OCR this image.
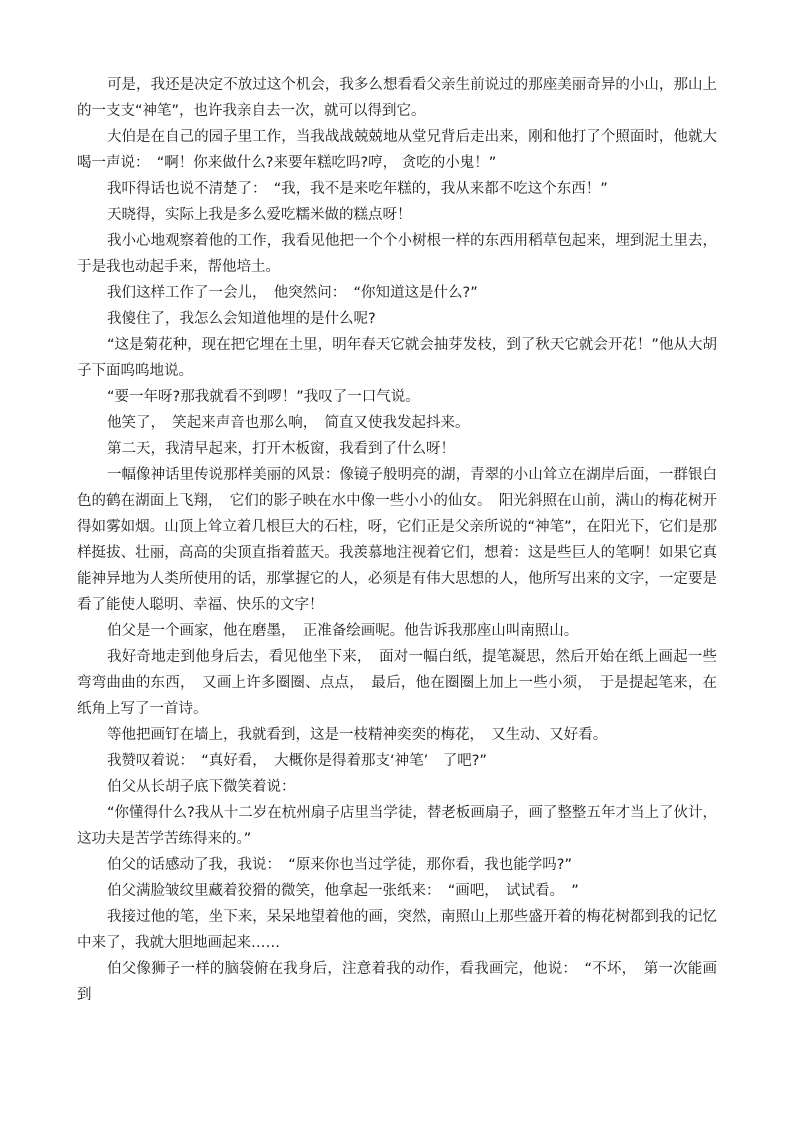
可是，我还是决定不放过这个机会，我多么想看看父亲生前说过的那座美丽奇异的小山，那山上的一支支“神笔”，也许我亲自去一次，就可以得到它。

大伯是在自己的园子里工作，当我战战兢兢地从堂兄背后走出来，刚和他打了个照面时，他就大喝一声说：　“啊！你来做什么?来要年糕吃吗?哼， 贪吃的小鬼！”

我吓得话也说不清楚了：　“我，我不是来吃年糕的，我从来都不吃这个东西！”

天晓得，实际上我是多么爱吃糯米做的糕点呀！

我小心地观察着他的工作，我看见他把一个个小树根一样的东西用稻草包起来，埋到泥土里去，于是我也动起手来，帮他培土。

我们这样工作了一会儿，　他突然问：　“你知道这是什么?”

我傻住了，我怎么会知道他埋的是什么呢?

“这是菊花种，现在把它埋在土里，明年春天它就会抽芽发枝，到了秋天它就会开花！”他从大胡子下面呜呜地说。

“要一年呀?那我就看不到啰！”我叹了一口气说。

他笑了，　笑起来声音也那么响，　简直又使我发起抖来。

第二天，我清早起来，打开木板窗，我看到了什么呀！

一幅像神话里传说那样美丽的风景：像镜子般明亮的湖，青翠的小山耸立在湖岸后面，一群银白色的鹤在湖面上飞翔，　它们的影子映在水中像一些小小的仙女。　阳光斜照在山前，满山的梅花树开得如雾如烟。山顶上耸立着几根巨大的石柱，呀，它们正是父亲所说的“神笔”，在阳光下，它们是那样挺拔、壮丽，高高的尖顶直指着蓝天。我羡慕地注视着它们，想着：这是些巨人的笔啊！如果它真能神异地为人类所使用的话，那掌握它的人，必须是有伟大思想的人，他所写出来的文字，一定要是看了能使人聪明、幸福、快乐的文字！

伯父是一个画家，他在磨墨，　正准备绘画呢。他告诉我那座山叫南照山。

我好奇地走到他身后去，看见他坐下来，　面对一幅白纸，提笔凝思，然后开始在纸上画起一些弯弯曲曲的东西，　又画上许多圈圈、点点，　最后，他在圈圈上加上一些小须，　于是提起笔来，在纸角上写了一首诗。

等他把画钉在墙上，我就看到，这是一枝精神奕奕的梅花，　又生动、又好看。

我赞叹着说：　“真好看，　大概你是得着那支‘神笔’　了吧?”

伯父从长胡子底下微笑着说：

“你懂得什么?我从十二岁在杭州扇子店里当学徒，替老板画扇子，画了整整五年才当上了伙计，这功夫是苦学苦练得来的。”

伯父的话感动了我，我说：　“原来你也当过学徒，那你看，我也能学吗?”

伯父满脸皱纹里藏着狡猾的微笑，他拿起一张纸来：　“画吧，　试试看。　”

我接过他的笔，坐下来，呆呆地望着他的画，突然，南照山上那些盛开着的梅花树都到我的记忆中来了，我就大胆地画起来……

伯父像狮子一样的脑袋俯在我身后，注意着我的动作，看我画完，他说：　“不坏，　第一次能画到
